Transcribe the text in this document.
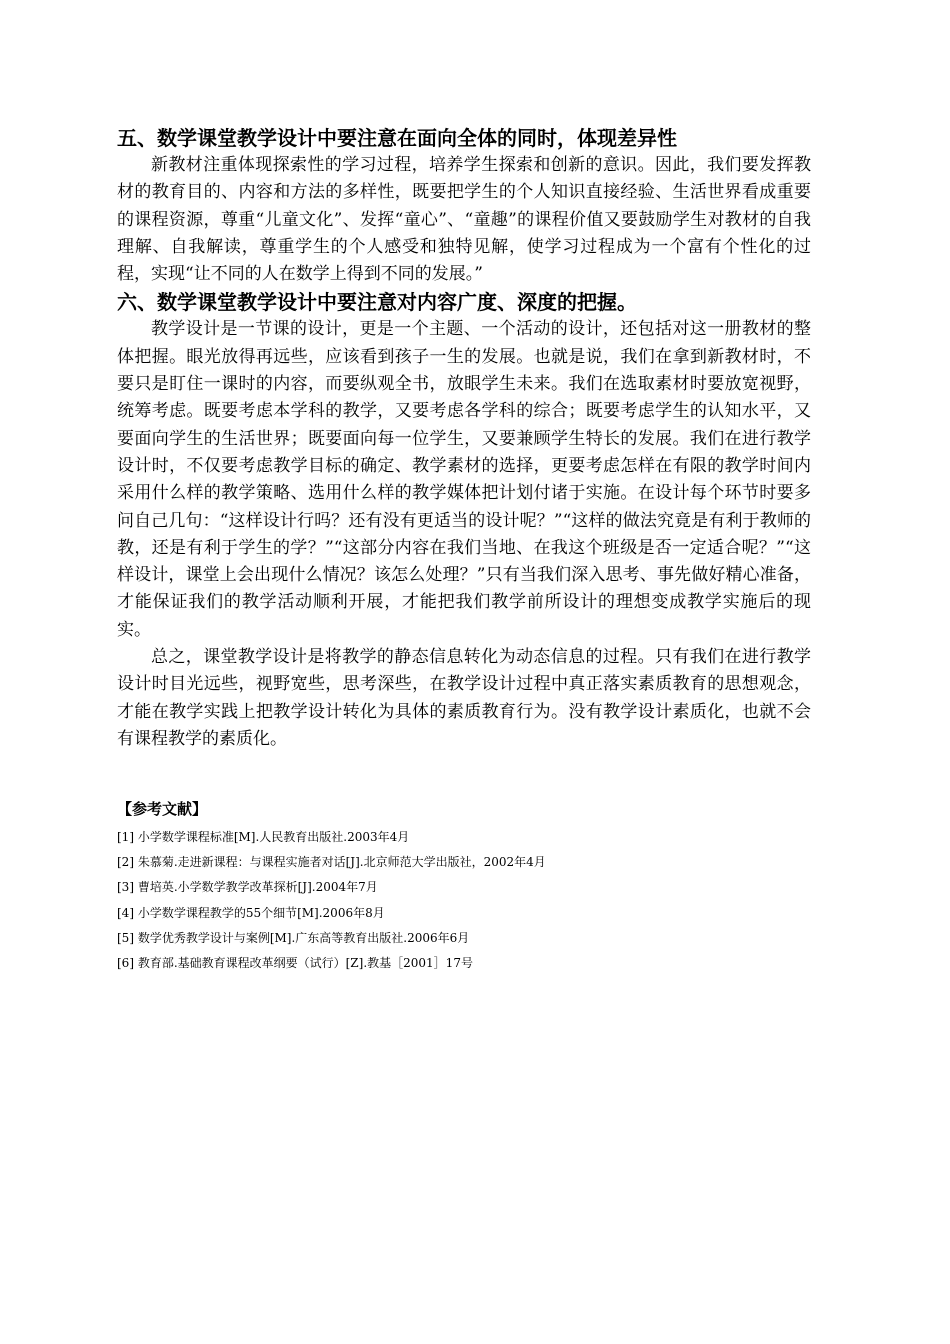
五、数学课堂教学设计中要注意在面向全体的同时，体现差异性

新教材注重体现探索性的学习过程，培养学生探索和创新的意识。因此，我们要发挥教材的教育目的、内容和方法的多样性，既要把学生的个人知识直接经验、生活世界看成重要的课程资源，尊重“儿童文化”、发挥“童心”、“童趣”的课程价值又要鼓励学生对教材的自我理解、自我解读，尊重学生的个人感受和独特见解，使学习过程成为一个富有个性化的过程，实现“让不同的人在数学上得到不同的发展。”

六、数学课堂教学设计中要注意对内容广度、深度的把握。

教学设计是一节课的设计，更是一个主题、一个活动的设计，还包括对这一册教材的整体把握。眼光放得再远些，应该看到孩子一生的发展。也就是说，我们在拿到新教材时，不要只是盯住一课时的内容，而要纵观全书，放眼学生未来。我们在选取素材时要放宽视野，统筹考虑。既要考虑本学科的教学，又要考虑各学科的综合；既要考虑学生的认知水平，又要面向学生的生活世界；既要面向每一位学生，又要兼顾学生特长的发展。我们在进行教学设计时，不仅要考虑教学目标的确定、教学素材的选择，更要考虑怎样在有限的教学时间内采用什么样的教学策略、选用什么样的教学媒体把计划付诸于实施。在设计每个环节时要多问自己几句：“这样设计行吗？还有没有更适当的设计呢？”“这样的做法究竟是有利于教师的教，还是有利于学生的学？”“这部分内容在我们当地、在我这个班级是否一定适合呢？”“这样设计，课堂上会出现什么情况？该怎么处理？”只有当我们深入思考、事先做好精心准备，才能保证我们的教学活动顺利开展，才能把我们教学前所设计的理想变成教学实施后的现实。

总之，课堂教学设计是将教学的静态信息转化为动态信息的过程。只有我们在进行教学设计时目光远些，视野宽些，思考深些，在教学设计过程中真正落实素质教育的思想观念，才能在教学实践上把教学设计转化为具体的素质教育行为。没有教学设计素质化，也就不会有课程教学的素质化。

【参考文献】

[1] 小学数学课程标准[M].人民教育出版社.2003年4月

[2] 朱慕菊.走进新课程：与课程实施者对话[J].北京师范大学出版社，2002年4月

[3] 曹培英.小学数学教学改革探析[J].2004年7月

[4] 小学数学课程教学的55个细节[M].2006年8月

[5] 数学优秀教学设计与案例[M].广东高等教育出版社.2006年6月

[6] 教育部.基础教育课程改革纲要（试行）[Z].教基［2001］17号
